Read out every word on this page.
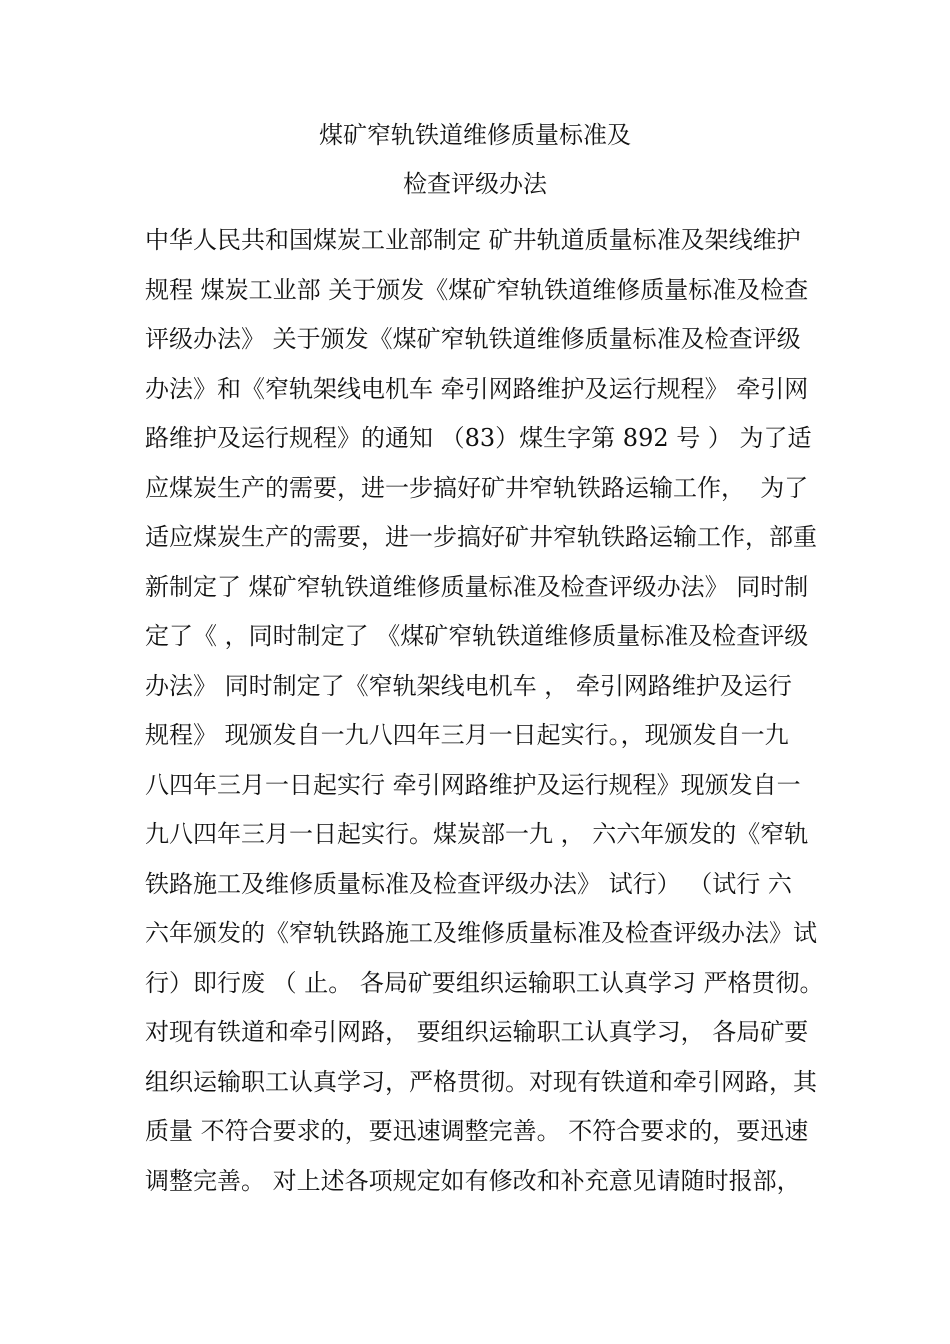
煤矿窄轨铁道维修质量标准及
检查评级办法
中华人民共和国煤炭工业部制定 矿井轨道质量标准及架线维护
规程 煤炭工业部 关于颁发《煤矿窄轨铁道维修质量标准及检查
评级办法》 关于颁发《煤矿窄轨铁道维修质量标准及检查评级
办法》和《窄轨架线电机车 牵引网路维护及运行规程》 牵引网
路维护及运行规程》的通知 （83）煤生字第 892 号 ） 为了适
应煤炭生产的需要，进一步搞好矿井窄轨铁路运输工作，  为了
适应煤炭生产的需要，进一步搞好矿井窄轨铁路运输工作，部重
新制定了 煤矿窄轨铁道维修质量标准及检查评级办法》 同时制
定了《 ，同时制定了 《煤矿窄轨铁道维修质量标准及检查评级
办法》 同时制定了《窄轨架线电机车 ， 牵引网路维护及运行
规程》 现颁发自一九八四年三月一日起实行。，现颁发自一九
八四年三月一日起实行 牵引网路维护及运行规程》现颁发自一
九八四年三月一日起实行。煤炭部一九 ， 六六年颁发的《窄轨
铁路施工及维修质量标准及检查评级办法》 试行） （试行 六
六年颁发的《窄轨铁路施工及维修质量标准及检查评级办法》试
行）即行废 （ 止。 各局矿要组织运输职工认真学习 严格贯彻。
对现有铁道和牵引网路， 要组织运输职工认真学习， 各局矿要
组织运输职工认真学习，严格贯彻。对现有铁道和牵引网路，其
质量 不符合要求的，要迅速调整完善。 不符合要求的，要迅速
调整完善。 对上述各项规定如有修改和补充意见请随时报部，
